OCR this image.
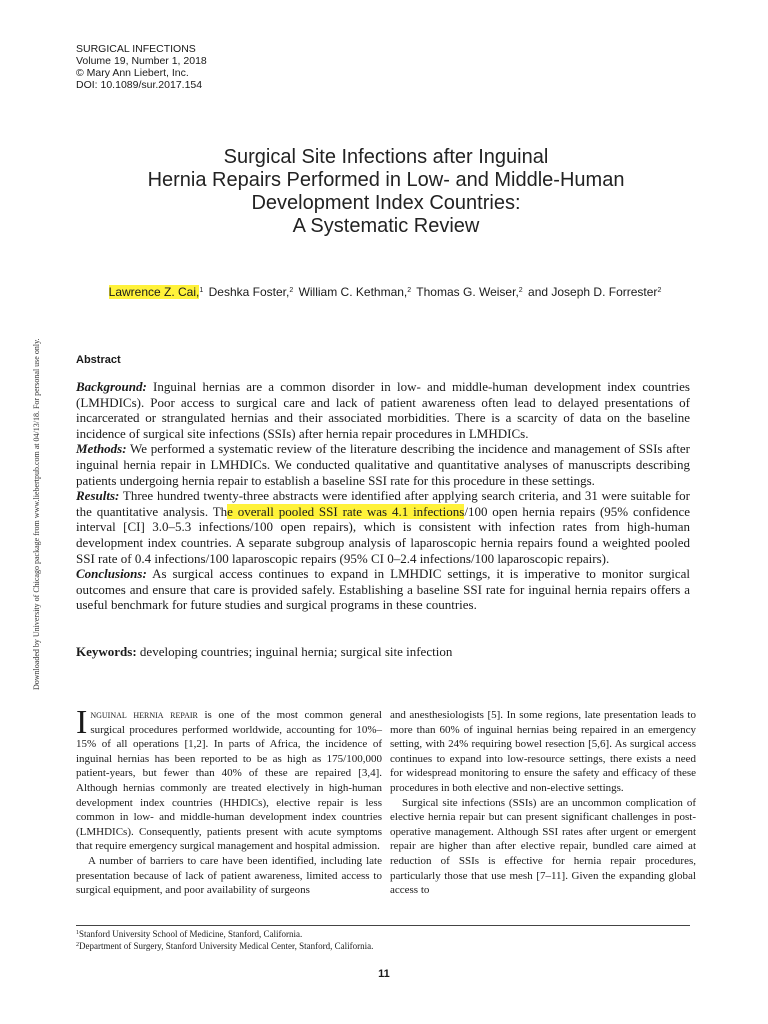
SURGICAL INFECTIONS
Volume 19, Number 1, 2018
© Mary Ann Liebert, Inc.
DOI: 10.1089/sur.2017.154
Downloaded by University of Chicago package from www.liebertpub.com at 04/13/18. For personal use only.
Surgical Site Infections after Inguinal
Hernia Repairs Performed in Low- and Middle-Human
Development Index Countries:
A Systematic Review
Lawrence Z. Cai,$^1$ Deshka Foster,$^2$ William C. Kethman,$^2$ Thomas G. Weiser,$^2$ and Joseph D. Forrester$^2$
Abstract

Background: Inguinal hernias are a common disorder in low- and middle-human development index countries (LMHDICs). Poor access to surgical care and lack of patient awareness often lead to delayed presentations of incarcerated or strangulated hernias and their associated morbidities. There is a scarcity of data on the baseline incidence of surgical site infections (SSIs) after hernia repair procedures in LMHDICs.

Methods: We performed a systematic review of the literature describing the incidence and management of SSIs after inguinal hernia repair in LMHDICs. We conducted qualitative and quantitative analyses of manuscripts describing patients undergoing hernia repair to establish a baseline SSI rate for this procedure in these settings.

Results: Three hundred twenty-three abstracts were identified after applying search criteria, and 31 were suitable for the quantitative analysis. The overall pooled SSI rate was 4.1 infections/100 open hernia repairs (95% confidence interval [CI] 3.0–5.3 infections/100 open repairs), which is consistent with infection rates from high-human development index countries. A separate subgroup analysis of laparoscopic hernia repairs found a weighted pooled SSI rate of 0.4 infections/100 laparoscopic repairs (95% CI 0–2.4 infections/100 laparoscopic repairs).

Conclusions: As surgical access continues to expand in LMHDIC settings, it is imperative to monitor surgical outcomes and ensure that care is provided safely. Establishing a baseline SSI rate for inguinal hernia repairs offers a useful benchmark for future studies and surgical programs in these countries.

Keywords: developing countries; inguinal hernia; surgical site infection

Inguinal hernia repair is one of the most common general surgical procedures performed worldwide, accounting for 10%–15% of all operations [1,2]. In parts of Africa, the incidence of inguinal hernias has been reported to be as high as 175/100,000 patient-years, but fewer than 40% of these are repaired [3,4]. Although hernias commonly are treated electively in high-human development index countries (HHDICs), elective repair is less common in low- and middle-human development index countries (LMHDICs). Consequently, patients present with acute symptoms that require emergency surgical management and hospital admission.

A number of barriers to care have been identified, including late presentation because of lack of patient awareness, limited access to surgical equipment, and poor availability of surgeons

and anesthesiologists [5]. In some regions, late presentation leads to more than 60% of inguinal hernias being repaired in an emergency setting, with 24% requiring bowel resection [5,6]. As surgical access continues to expand into low-resource settings, there exists a need for widespread monitoring to ensure the safety and efficacy of these procedures in both elective and non-elective settings.

Surgical site infections (SSIs) are an uncommon complication of elective hernia repair but can present significant challenges in post-operative management. Although SSI rates after urgent or emergent repair are higher than after elective repair, bundled care aimed at reduction of SSIs is effective for hernia repair procedures, particularly those that use mesh [7–11]. Given the expanding global access to

$^1$Stanford University School of Medicine, Stanford, California.
$^2$Department of Surgery, Stanford University Medical Center, Stanford, California.
11
